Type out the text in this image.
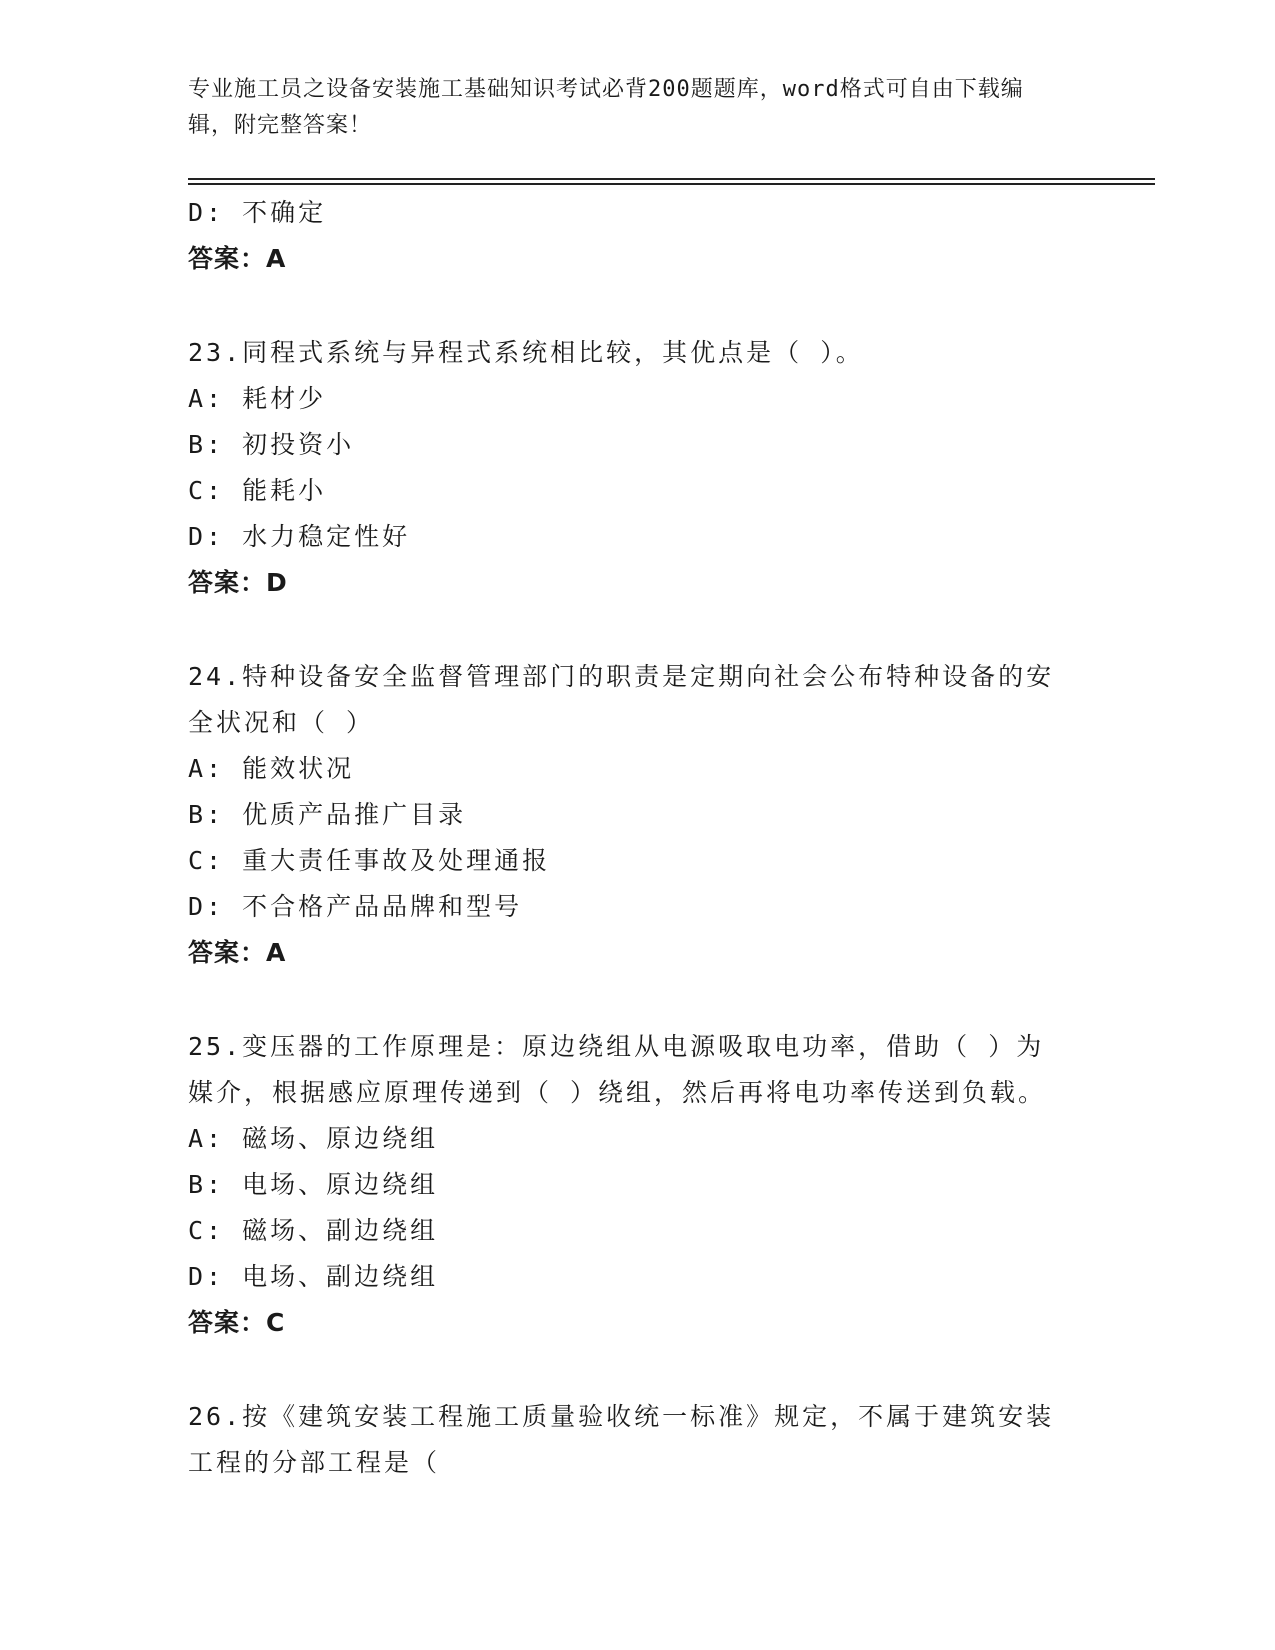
专业施工员之设备安装施工基础知识考试必背200题题库，word格式可自由下载编辑，附完整答案！
D: 不确定
答案：A
23.同程式系统与异程式系统相比较，其优点是（ ）。
A: 耗材少
B: 初投资小
C: 能耗小
D: 水力稳定性好
答案：D
24.特种设备安全监督管理部门的职责是定期向社会公布特种设备的安
全状况和（ ）
A: 能效状况
B: 优质产品推广目录
C: 重大责任事故及处理通报
D: 不合格产品品牌和型号
答案：A
25.变压器的工作原理是：原边绕组从电源吸取电功率，借助（ ）为
媒介，根据感应原理传递到（ ）绕组，然后再将电功率传送到负载。
A: 磁场、原边绕组
B: 电场、原边绕组
C: 磁场、副边绕组
D: 电场、副边绕组
答案：C
26.按《建筑安装工程施工质量验收统一标准》规定，不属于建筑安装
工程的分部工程是（
